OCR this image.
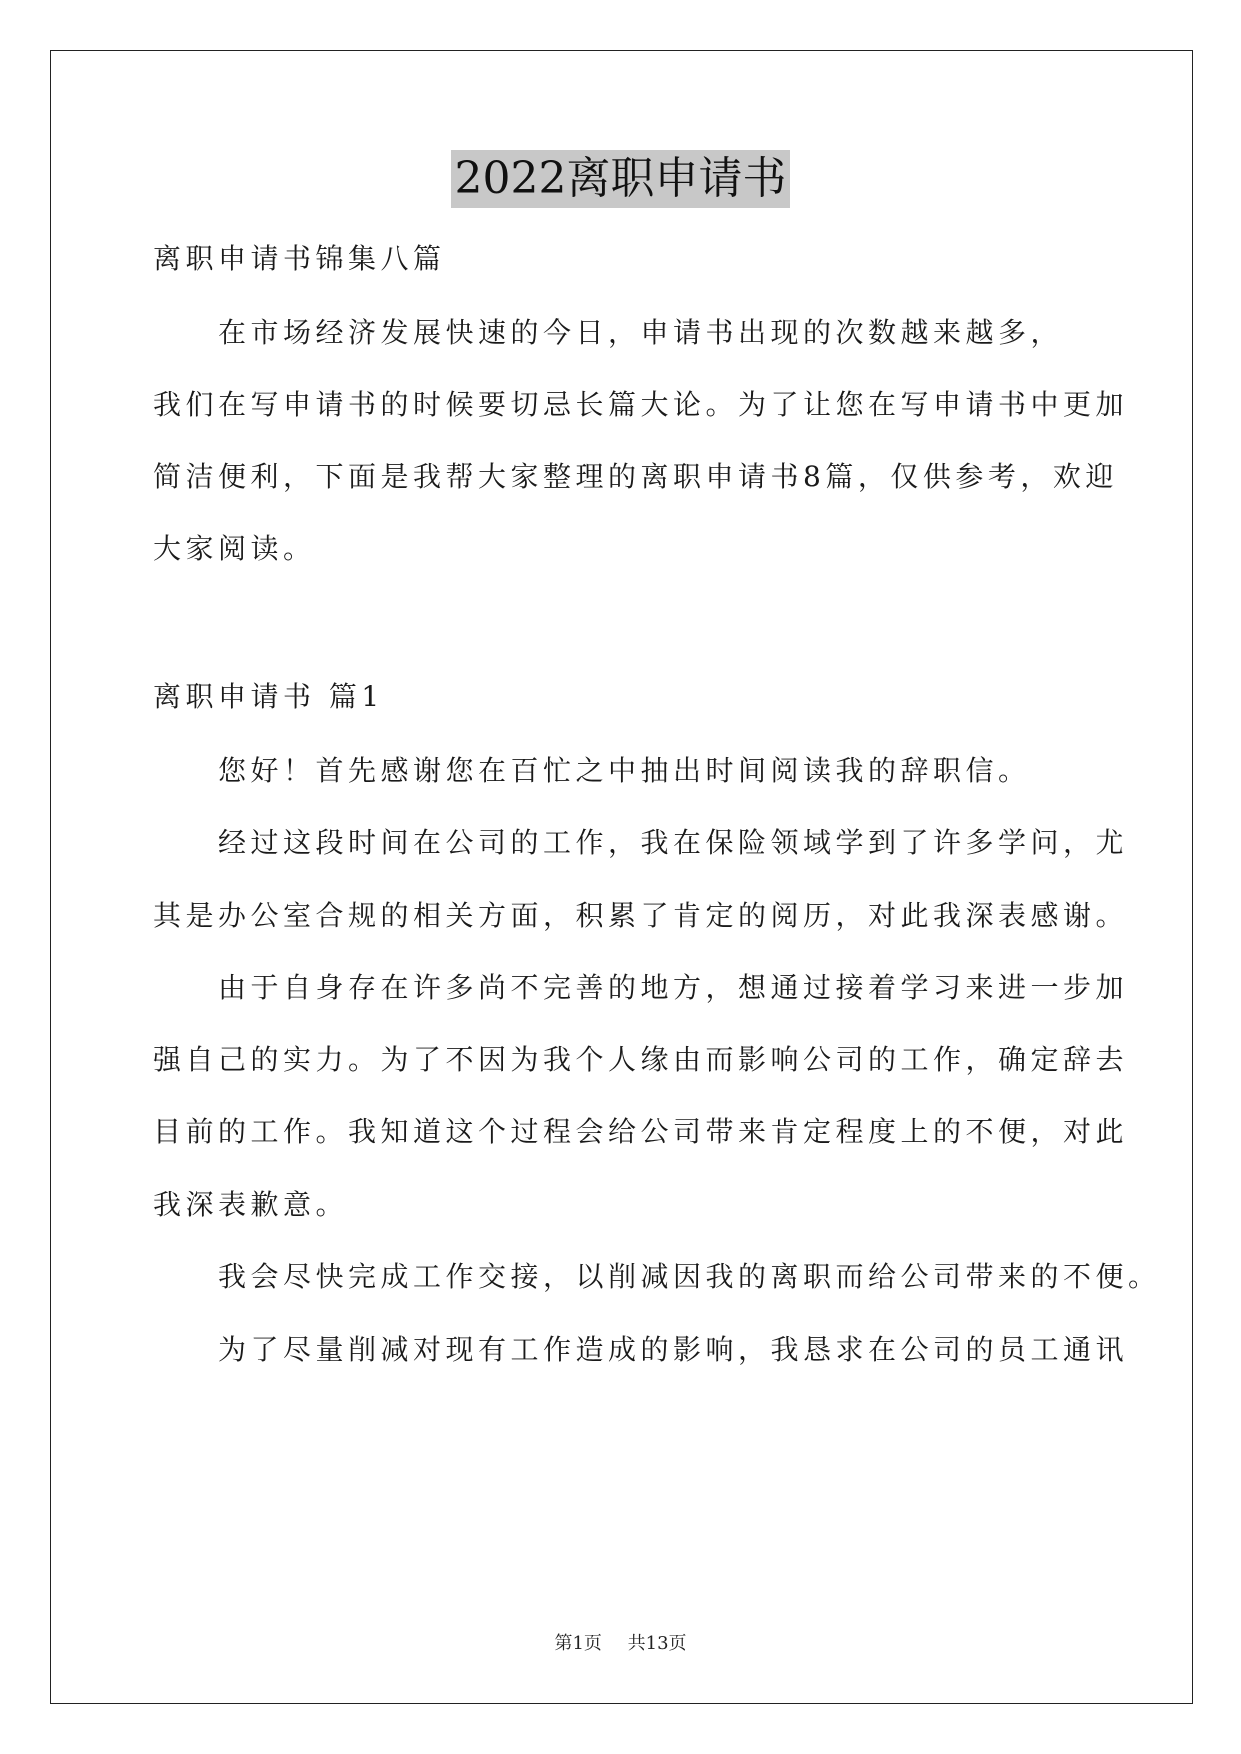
2022离职申请书
离职申请书锦集八篇
　　在市场经济发展快速的今日，申请书出现的次数越来越多，
我们在写申请书的时候要切忌长篇大论。为了让您在写申请书中更加
简洁便利，下面是我帮大家整理的离职申请书8篇，仅供参考，欢迎
大家阅读。
离职申请书 篇1
　　您好！首先感谢您在百忙之中抽出时间阅读我的辞职信。
　　经过这段时间在公司的工作，我在保险领域学到了许多学问，尤
其是办公室合规的相关方面，积累了肯定的阅历，对此我深表感谢。
　　由于自身存在许多尚不完善的地方，想通过接着学习来进一步加
强自己的实力。为了不因为我个人缘由而影响公司的工作，确定辞去
目前的工作。我知道这个过程会给公司带来肯定程度上的不便，对此
我深表歉意。
　　我会尽快完成工作交接，以削减因我的离职而给公司带来的不便。
　　为了尽量削减对现有工作造成的影响，我恳求在公司的员工通讯
第1页 共13页
